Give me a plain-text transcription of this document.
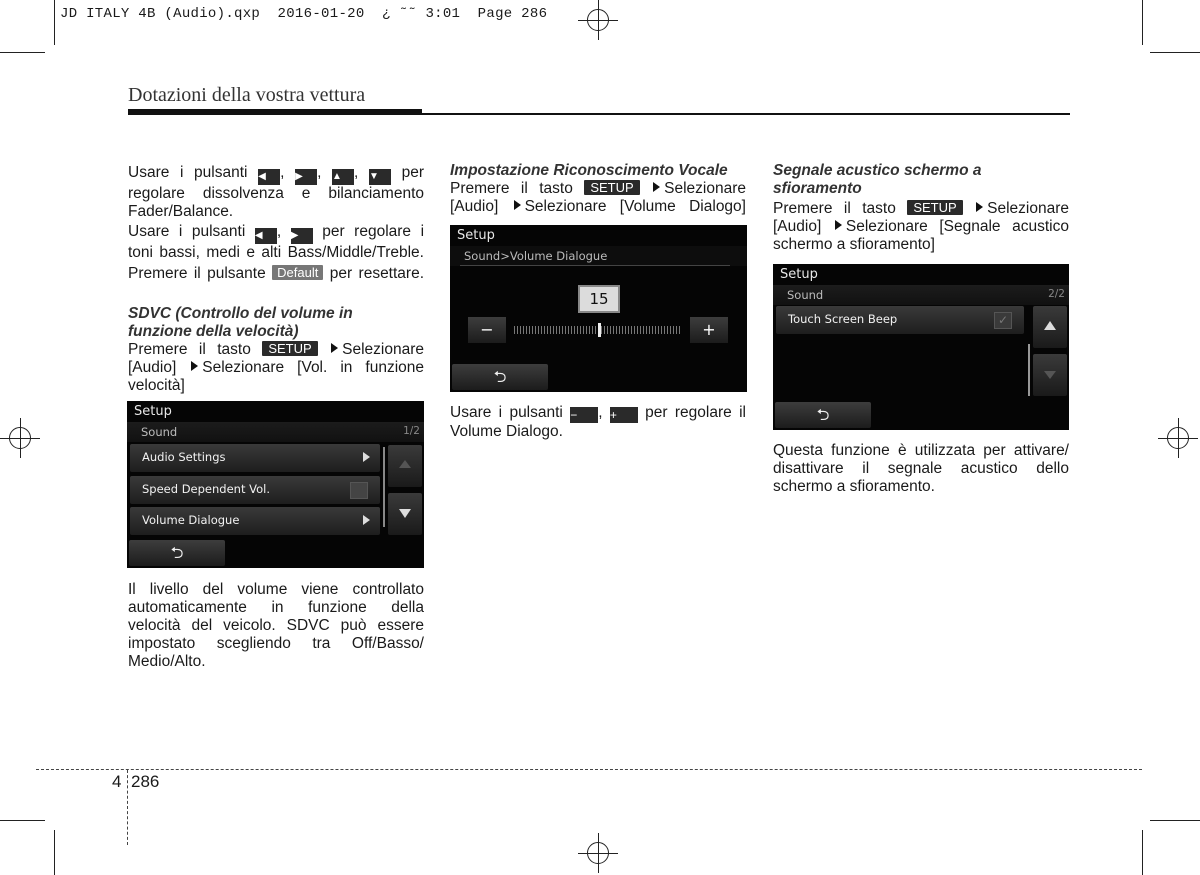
JD ITALY 4B (Audio).qxp  2016-01-20  ¿ ˜˜ 3:01  Page 286
Dotazioni della vostra vettura
Usare i pulsanti ◀ , ▶ , ▲ , ▼ per
regolare dissolvenza e bilanciamento
Fader/Balance.
Usare i pulsanti ◀ , ▶ per regolare i
toni bassi, medi e alti Bass/Middle/Treble.
Premere il pulsante Default per resettare.
SDVC (Controllo del volume in
funzione della velocità)
Premere il tasto SETUP Selezionare
[Audio] Selezionare [Vol. in funzione
velocità]
Setup
Sound	1/2
Audio Settings
Speed Dependent Vol.
Volume Dialogue
⮌
Il livello del volume viene controllato
automaticamente in funzione della
velocità del veicolo. SDVC può essere
impostato scegliendo tra Off/Basso/
Medio/Alto.
Impostazione Riconoscimento Vocale
Premere il tasto SETUP Selezionare
[Audio] Selezionare [Volume Dialogo]
Setup
Sound>Volume Dialogue
15
−	+
⮌
Usare i pulsanti − , + per regolare il
Volume Dialogo.
Segnale acustico schermo a
sfioramento
Premere il tasto SETUP Selezionare
[Audio] Selezionare [Segnale acustico
schermo a sfioramento]
Setup
Sound	2/2
Touch Screen Beep	✓
⮌
Questa funzione è utilizzata per attivare/
disattivare il segnale acustico dello
schermo a sfioramento.
4 286
